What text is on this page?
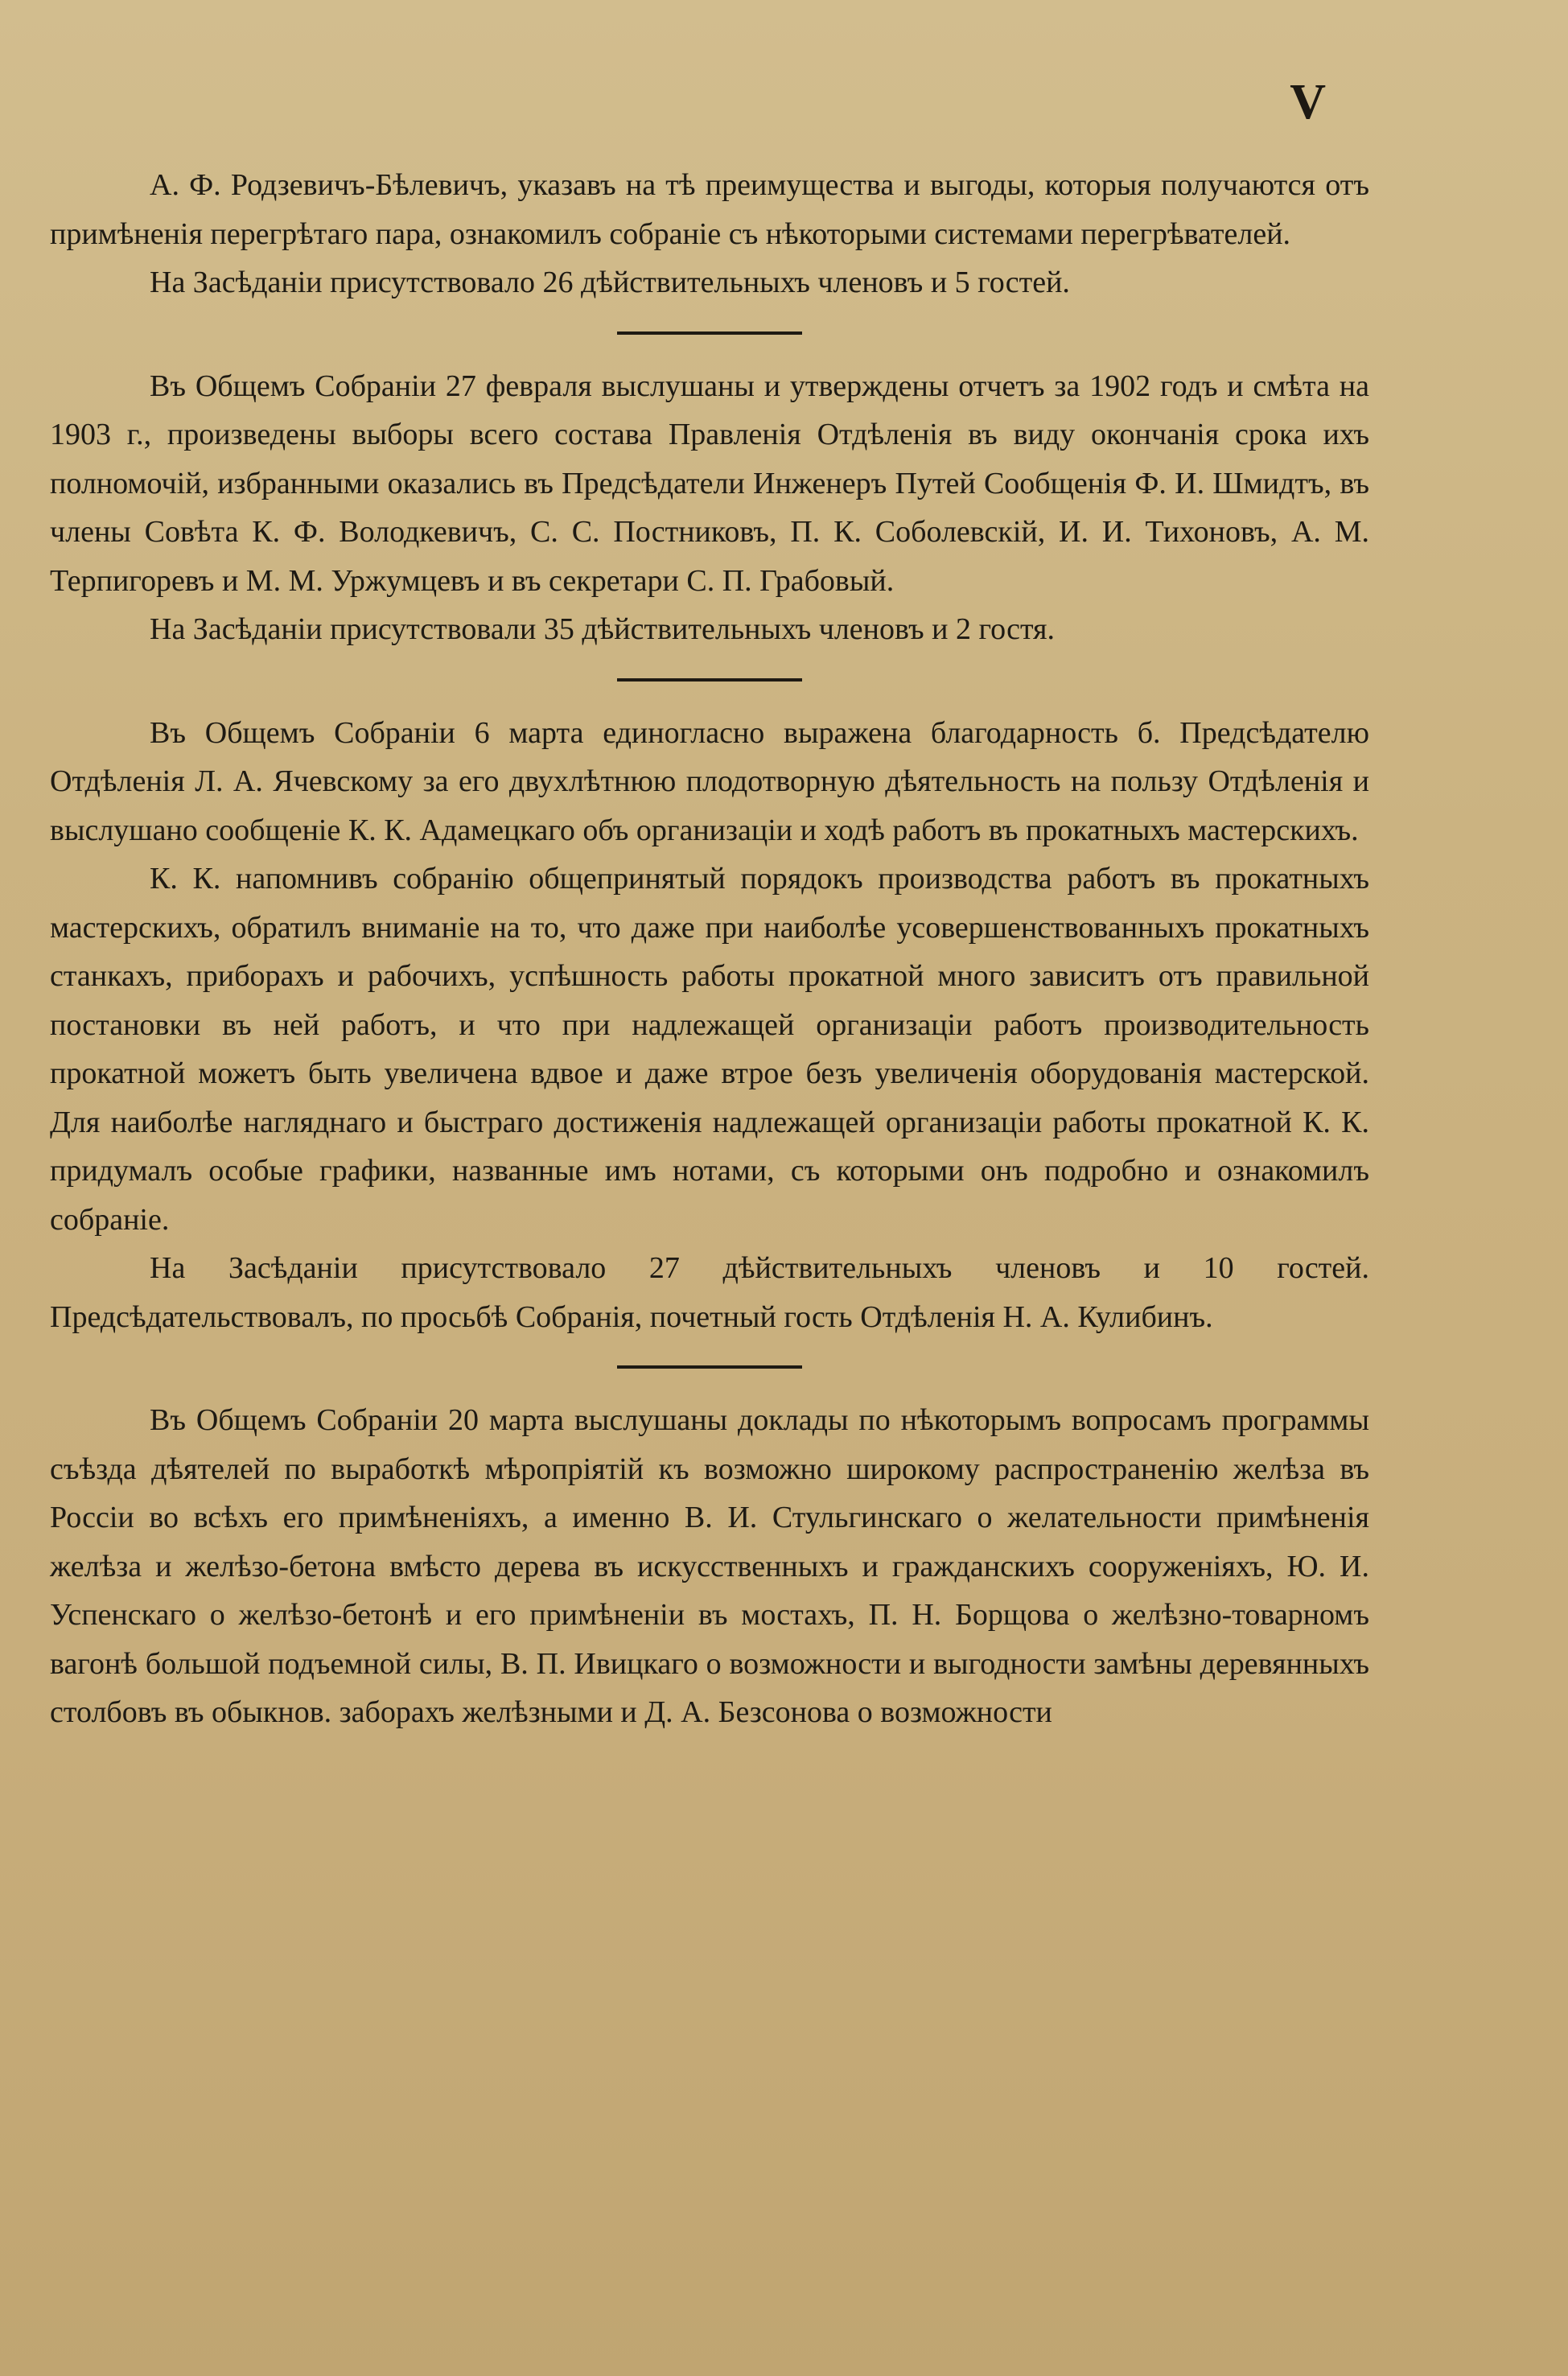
V

А. Ф. Родзевичъ-Бѣлевичъ, указавъ на тѣ преимущества и выгоды, которыя получаются отъ примѣненія перегрѣтаго пара, ознакомилъ собраніе съ нѣкоторыми системами перегрѣвателей.

На Засѣданіи присутствовало 26 дѣйствительныхъ членовъ и 5 гостей.

Въ Общемъ Собраніи 27 февраля выслушаны и утверждены отчетъ за 1902 годъ и смѣта на 1903 г., произведены выборы всего состава Правленія Отдѣленія въ виду окончанія срока ихъ полномочій, избранными оказались въ Предсѣдатели Инженеръ Путей Сообщенія Ф. И. Шмидтъ, въ члены Совѣта К. Ф. Володкевичъ, С. С. Постниковъ, П. К. Соболевскій, И. И. Тихоновъ, А. М. Терпигоревъ и М. М. Уржумцевъ и въ секретари С. П. Грабовый.

На Засѣданіи присутствовали 35 дѣйствительныхъ членовъ и 2 гостя.

Въ Общемъ Собраніи 6 марта единогласно выражена благодарность б. Предсѣдателю Отдѣленія Л. А. Ячевскому за его двухлѣтнюю плодотворную дѣятельность на пользу Отдѣленія и выслушано сообщеніе К. К. Адамецкаго объ организаціи и ходѣ работъ въ прокатныхъ мастерскихъ.

К. К. напомнивъ собранію общепринятый порядокъ производства работъ въ прокатныхъ мастерскихъ, обратилъ вниманіе на то, что даже при наиболѣе усовершенствованныхъ прокатныхъ станкахъ, приборахъ и рабочихъ, успѣшность работы прокатной много зависитъ отъ правильной постановки въ ней работъ, и что при надлежащей организаціи работъ производительность прокатной можетъ быть увеличена вдвое и даже втрое безъ увеличенія оборудованія мастерской. Для наиболѣе нагляднаго и быстраго достиженія надлежащей организаціи работы прокатной К. К. придумалъ особые графики, названные имъ нотами, съ которыми онъ подробно и ознакомилъ собраніе.

На Засѣданіи присутствовало 27 дѣйствительныхъ членовъ и 10 гостей. Предсѣдательствовалъ, по просьбѣ Собранія, почетный гость Отдѣленія Н. А. Кулибинъ.

Въ Общемъ Собраніи 20 марта выслушаны доклады по нѣкоторымъ вопросамъ программы съѣзда дѣятелей по выработкѣ мѣропріятій къ возможно широкому распространенію желѣза въ Россіи во всѣхъ его примѣненіяхъ, а именно В. И. Стульгинскаго о желательности примѣненія желѣза и желѣзо-бетона вмѣсто дерева въ искусственныхъ и гражданскихъ сооруженіяхъ, Ю. И. Успенскаго о желѣзо-бетонѣ и его примѣненіи въ мостахъ, П. Н. Борщова о желѣзно-товарномъ вагонѣ большой подъемной силы, В. П. Ивицкаго о возможности и выгодности замѣны деревянныхъ столбовъ въ обыкнов. заборахъ желѣзными и Д. А. Безсонова о возможности
